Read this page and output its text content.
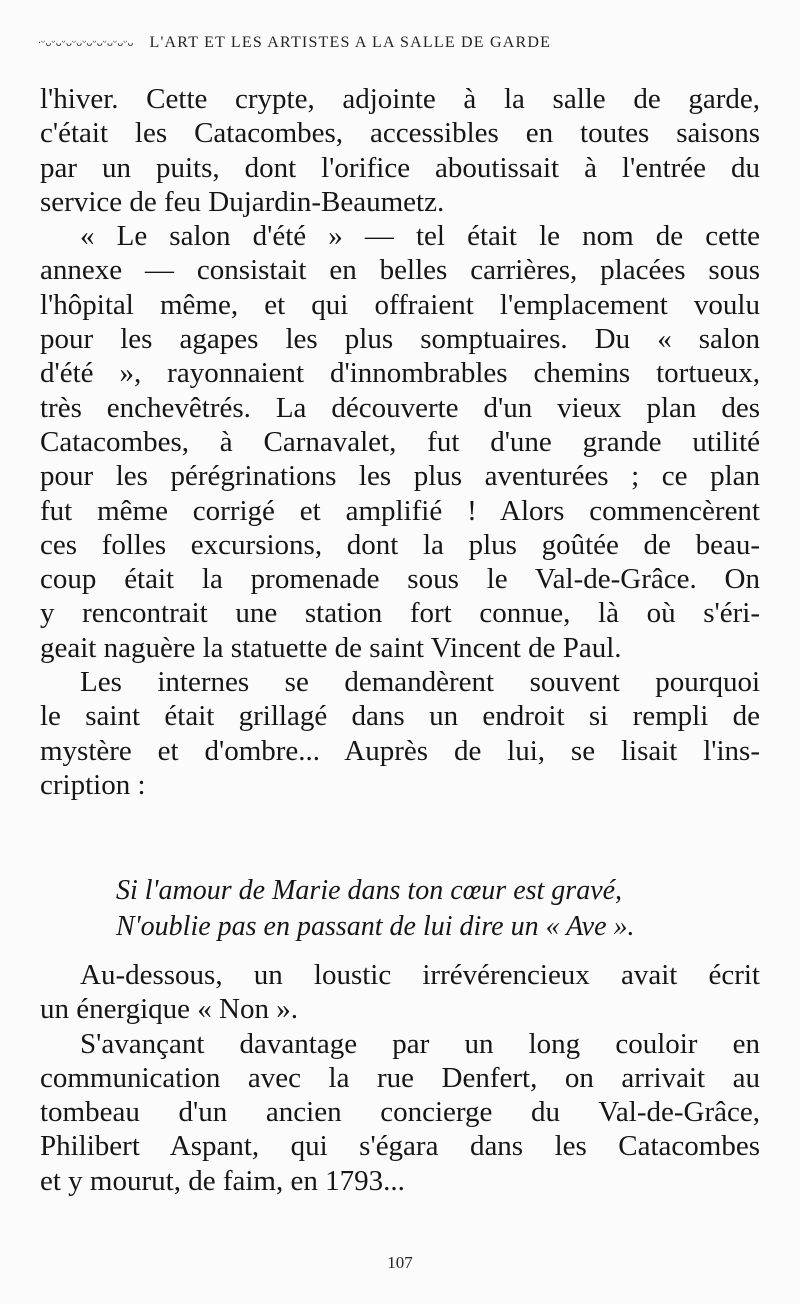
·ᵕᴗᵕᴗᵕᴗᵕᴗᵕᴗᵕᴗᵕᴗᵕᴗᵕᴗ L'ART ET LES ARTISTES A LA SALLE DE GARDE
l'hiver. Cette crypte, adjointe à la salle de garde,
c'était les Catacombes, accessibles en toutes saisons
par un puits, dont l'orifice aboutissait à l'entrée du
service de feu Dujardin-Beaumetz.
« Le salon d'été » — tel était le nom de cette
annexe — consistait en belles carrières, placées sous
l'hôpital même, et qui offraient l'emplacement voulu
pour les agapes les plus somptuaires. Du « salon
d'été », rayonnaient d'innombrables chemins tortueux,
très enchevêtrés. La découverte d'un vieux plan des
Catacombes, à Carnavalet, fut d'une grande utilité
pour les pérégrinations les plus aventurées ; ce plan
fut même corrigé et amplifié ! Alors commencèrent
ces folles excursions, dont la plus goûtée de beau-
coup était la promenade sous le Val-de-Grâce. On
y rencontrait une station fort connue, là où s'éri-
geait naguère la statuette de saint Vincent de Paul.
Les internes se demandèrent souvent pourquoi
le saint était grillagé dans un endroit si rempli de
mystère et d'ombre... Auprès de lui, se lisait l'ins-
cription :
Si l'amour de Marie dans ton cœur est gravé,
N'oublie pas en passant de lui dire un « Ave ».
Au-dessous, un loustic irrévérencieux avait écrit
un énergique « Non ».
S'avançant davantage par un long couloir en
communication avec la rue Denfert, on arrivait au
tombeau d'un ancien concierge du Val-de-Grâce,
Philibert Aspant, qui s'égara dans les Catacombes
et y mourut, de faim, en 1793...
107
